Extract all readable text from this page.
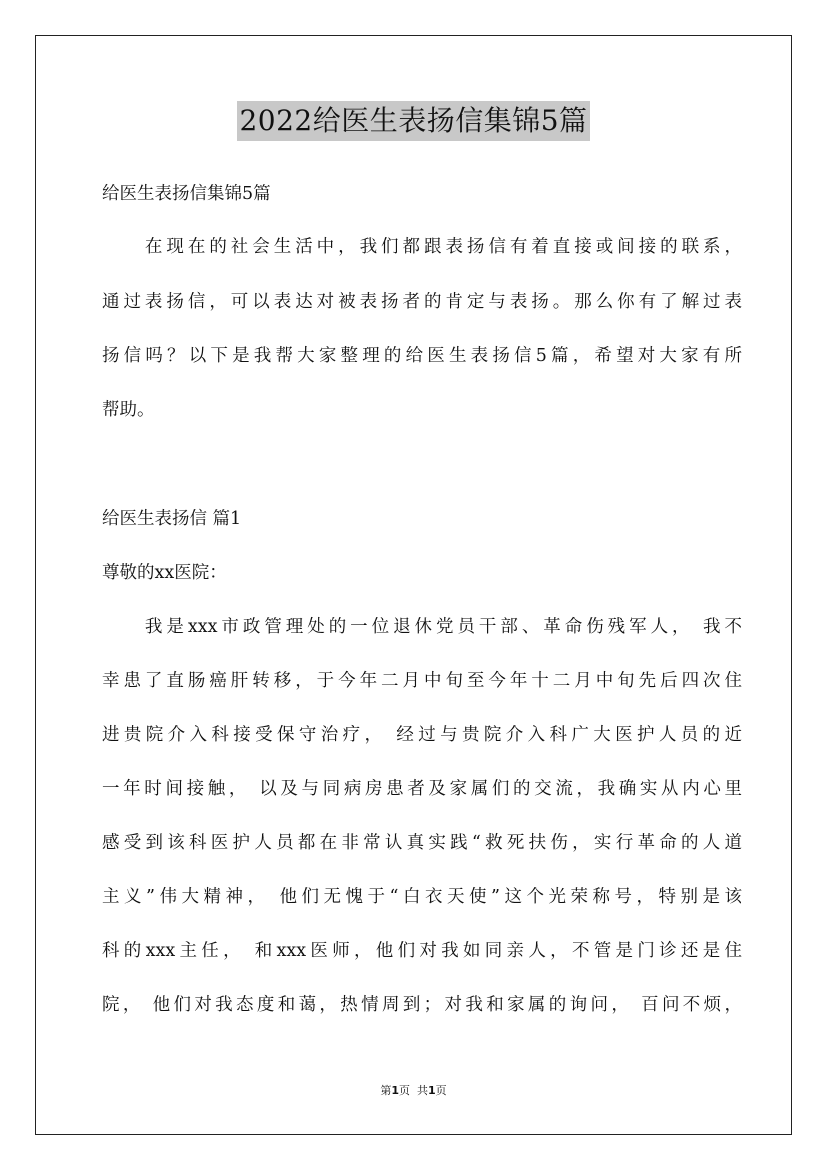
2022给医生表扬信集锦5篇
给医生表扬信集锦5篇
　　在现在的社会生活中，我们都跟表扬信有着直接或间接的联系，
通过表扬信，可以表达对被表扬者的肯定与表扬。那么你有了解过表
扬信吗？以下是我帮大家整理的给医生表扬信5篇，希望对大家有所
帮助。
给医生表扬信 篇1
尊敬的xx医院：
　　我是xxx市政管理处的一位退休党员干部、革命伤残军人， 我不
幸患了直肠癌肝转移，于今年二月中旬至今年十二月中旬先后四次住
进贵院介入科接受保守治疗， 经过与贵院介入科广大医护人员的近
一年时间接触， 以及与同病房患者及家属们的交流，我确实从内心里
感受到该科医护人员都在非常认真实践“救死扶伤，实行革命的人道
主义”伟大精神， 他们无愧于“白衣天使”这个光荣称号，特别是该
科的xxx主任， 和xxx医师，他们对我如同亲人，不管是门诊还是住
院， 他们对我态度和蔼，热情周到；对我和家属的询问， 百问不烦，
第1页 共1页
